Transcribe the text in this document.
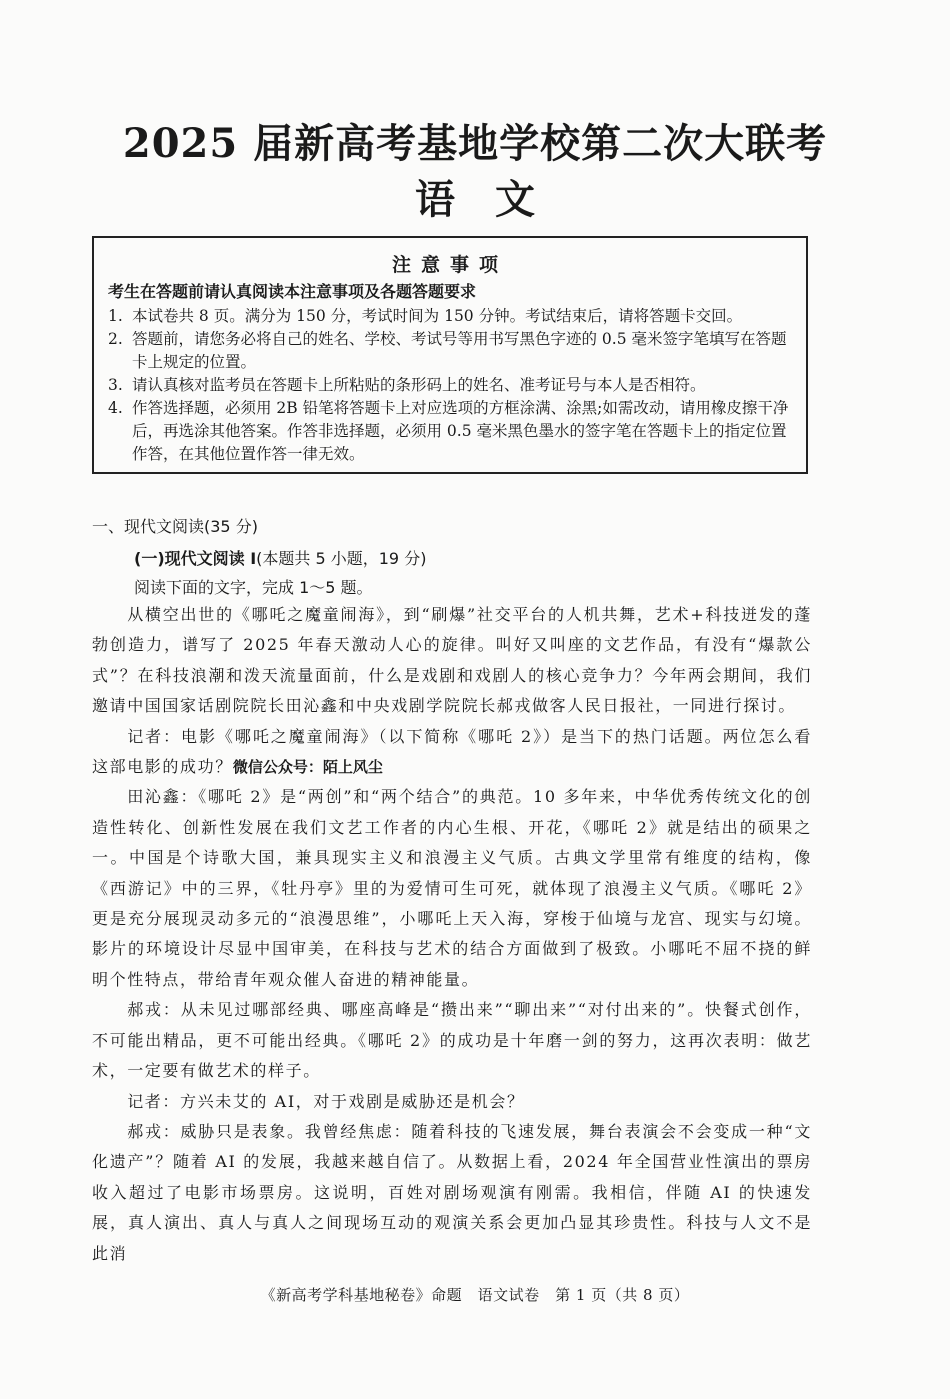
2025 届新高考基地学校第二次大联考
语文
注意事项
考生在答题前请认真阅读本注意事项及各题答题要求
1. 本试卷共 8 页。满分为 150 分，考试时间为 150 分钟。考试结束后，请将答题卡交回。
2. 答题前，请您务必将自己的姓名、学校、考试号等用书写黑色字迹的 0.5 毫米签字笔填写在答题卡上规定的位置。
3. 请认真核对监考员在答题卡上所粘贴的条形码上的姓名、准考证号与本人是否相符。
4. 作答选择题，必须用 2B 铅笔将答题卡上对应选项的方框涂满、涂黑;如需改动，请用橡皮擦干净后，再选涂其他答案。作答非选择题，必须用 0.5 毫米黑色墨水的签字笔在答题卡上的指定位置作答，在其他位置作答一律无效。
一、现代文阅读(35 分)
(一)现代文阅读 I(本题共 5 小题，19 分)
阅读下面的文字，完成 1～5 题。

从横空出世的《哪吒之魔童闹海》，到“刷爆”社交平台的人机共舞，艺术+科技迸发的蓬勃创造力，谱写了 2025 年春天激动人心的旋律。叫好又叫座的文艺作品，有没有“爆款公式”？在科技浪潮和泼天流量面前，什么是戏剧和戏剧人的核心竞争力？今年两会期间，我们邀请中国国家话剧院院长田沁鑫和中央戏剧学院院长郝戎做客人民日报社，一同进行探讨。

记者：电影《哪吒之魔童闹海》（以下简称《哪吒 2》）是当下的热门话题。两位怎么看这部电影的成功？微信公众号：陌上风尘

田沁鑫：《哪吒 2》是“两创”和“两个结合”的典范。10 多年来，中华优秀传统文化的创造性转化、创新性发展在我们文艺工作者的内心生根、开花，《哪吒 2》就是结出的硕果之一。中国是个诗歌大国，兼具现实主义和浪漫主义气质。古典文学里常有维度的结构，像《西游记》中的三界，《牡丹亭》里的为爱情可生可死，就体现了浪漫主义气质。《哪吒 2》更是充分展现灵动多元的“浪漫思维”，小哪吒上天入海，穿梭于仙境与龙宫、现实与幻境。影片的环境设计尽显中国审美，在科技与艺术的结合方面做到了极致。小哪吒不屈不挠的鲜明个性特点，带给青年观众催人奋进的精神能量。

郝戎：从未见过哪部经典、哪座高峰是“攒出来”“聊出来”“对付出来的”。快餐式创作，不可能出精品，更不可能出经典。《哪吒 2》的成功是十年磨一剑的努力，这再次表明：做艺术，一定要有做艺术的样子。

记者：方兴未艾的 AI，对于戏剧是威胁还是机会？

郝戎：威胁只是表象。我曾经焦虑：随着科技的飞速发展，舞台表演会不会变成一种“文化遗产”？随着 AI 的发展，我越来越自信了。从数据上看，2024 年全国营业性演出的票房收入超过了电影市场票房。这说明，百姓对剧场观演有刚需。我相信，伴随 AI 的快速发展，真人演出、真人与真人之间现场互动的观演关系会更加凸显其珍贵性。科技与人文不是此消

《新高考学科基地秘卷》命题　语文试卷　第 1 页（共 8 页）
